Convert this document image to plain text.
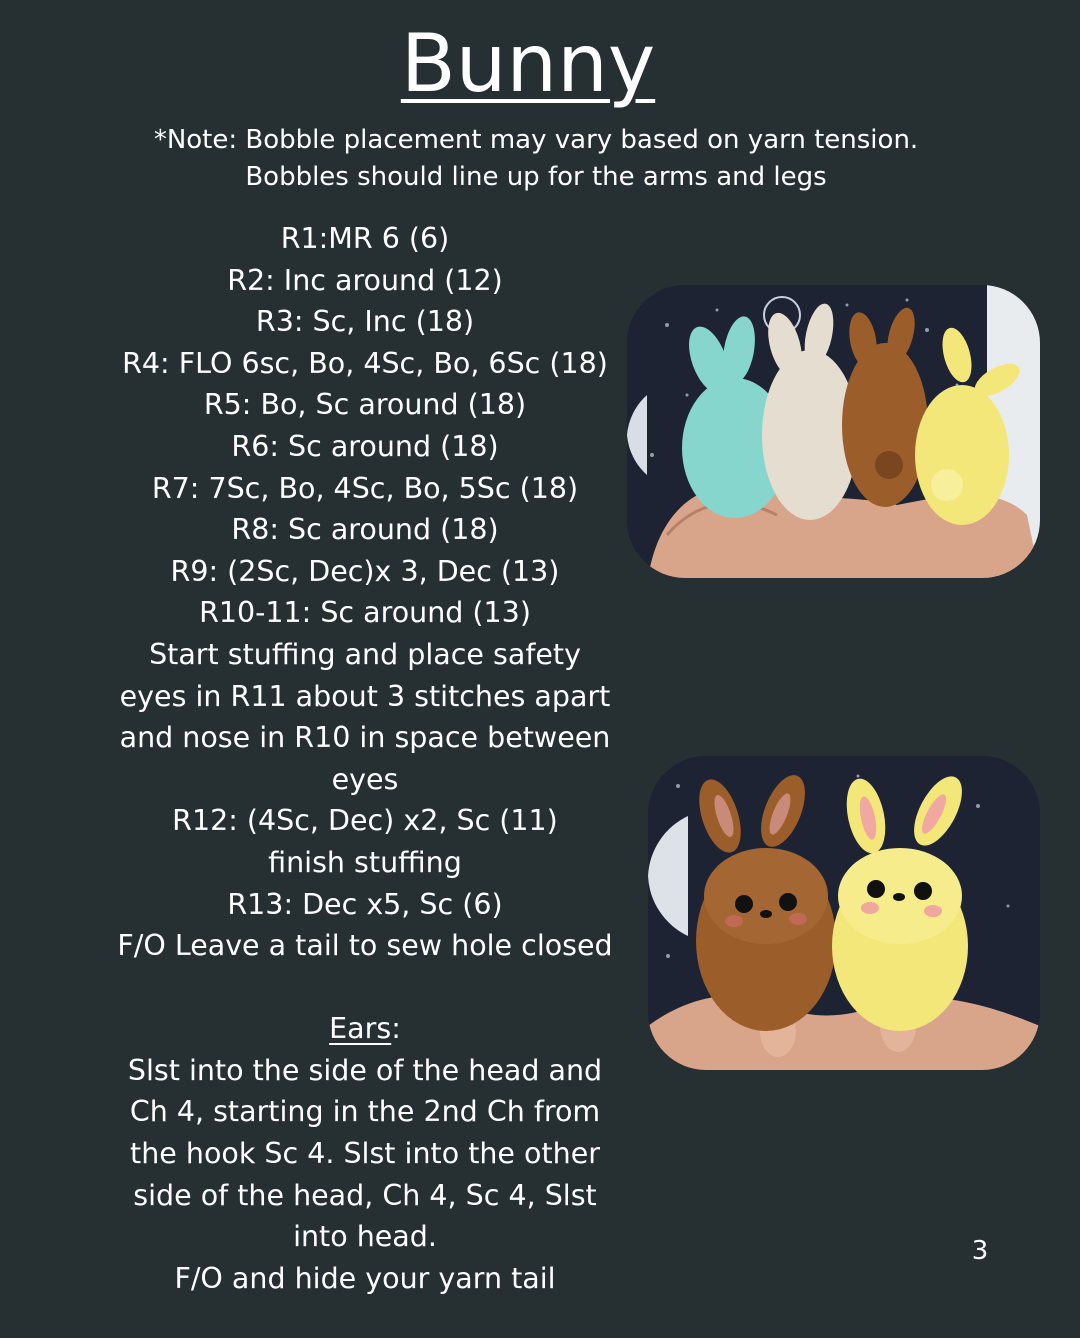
Bunny
*Note: Bobble placement may vary based on yarn tension.
Bobbles should line up for the arms and legs
R1:MR 6 (6)
R2: Inc around (12)
R3: Sc, Inc (18)
R4: FLO 6sc, Bo, 4Sc, Bo, 6Sc (18)
R5: Bo, Sc around (18)
R6: Sc around (18)
R7: 7Sc, Bo, 4Sc, Bo, 5Sc (18)
R8: Sc around (18)
R9: (2Sc, Dec)x 3, Dec (13)
R10-11: Sc around (13)
Start stuffing and place safety
eyes in R11 about 3 stitches apart
and nose in R10 in space between
eyes
R12: (4Sc, Dec) x2, Sc (11)
finish stuffing
R13: Dec x5, Sc (6)
F/O Leave a tail to sew hole closed
Ears:
Slst into the side of the head and
Ch 4, starting in the 2nd Ch from
the hook Sc 4. Slst into the other
side of the head, Ch 4, Sc 4, Slst
into head.
F/O and hide your yarn tail
3
